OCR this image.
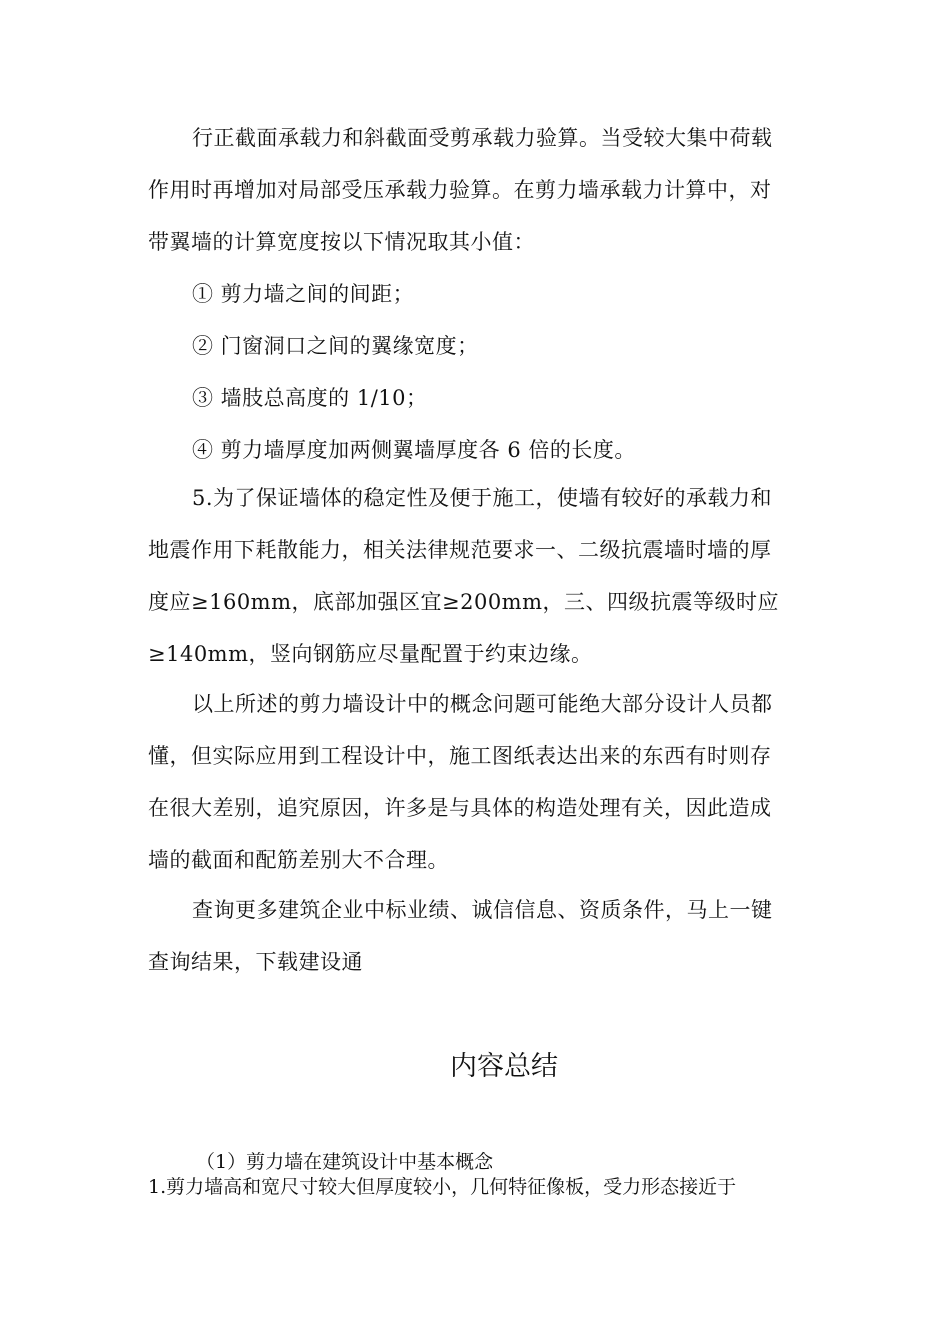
行正截面承载力和斜截面受剪承载力验算。当受较大集中荷载
作用时再增加对局部受压承载力验算。在剪力墙承载力计算中，对
带翼墙的计算宽度按以下情况取其小值：
① 剪力墙之间的间距；
② 门窗洞口之间的翼缘宽度；
③ 墙肢总高度的 1/10；
④ 剪力墙厚度加两侧翼墙厚度各 6 倍的长度。
5.为了保证墙体的稳定性及便于施工，使墙有较好的承载力和
地震作用下耗散能力，相关法律规范要求一、二级抗震墙时墙的厚
度应≥160mm，底部加强区宜≥200mm，三、四级抗震等级时应
≥140mm，竖向钢筋应尽量配置于约束边缘。
以上所述的剪力墙设计中的概念问题可能绝大部分设计人员都
懂，但实际应用到工程设计中，施工图纸表达出来的东西有时则存
在很大差别，追究原因，许多是与具体的构造处理有关，因此造成
墙的截面和配筋差别大不合理。
查询更多建筑企业中标业绩、诚信信息、资质条件，马上一键
查询结果，下载建设通
内容总结
（1）剪力墙在建筑设计中基本概念
1.剪力墙高和宽尺寸较大但厚度较小，几何特征像板，受力形态接近于
